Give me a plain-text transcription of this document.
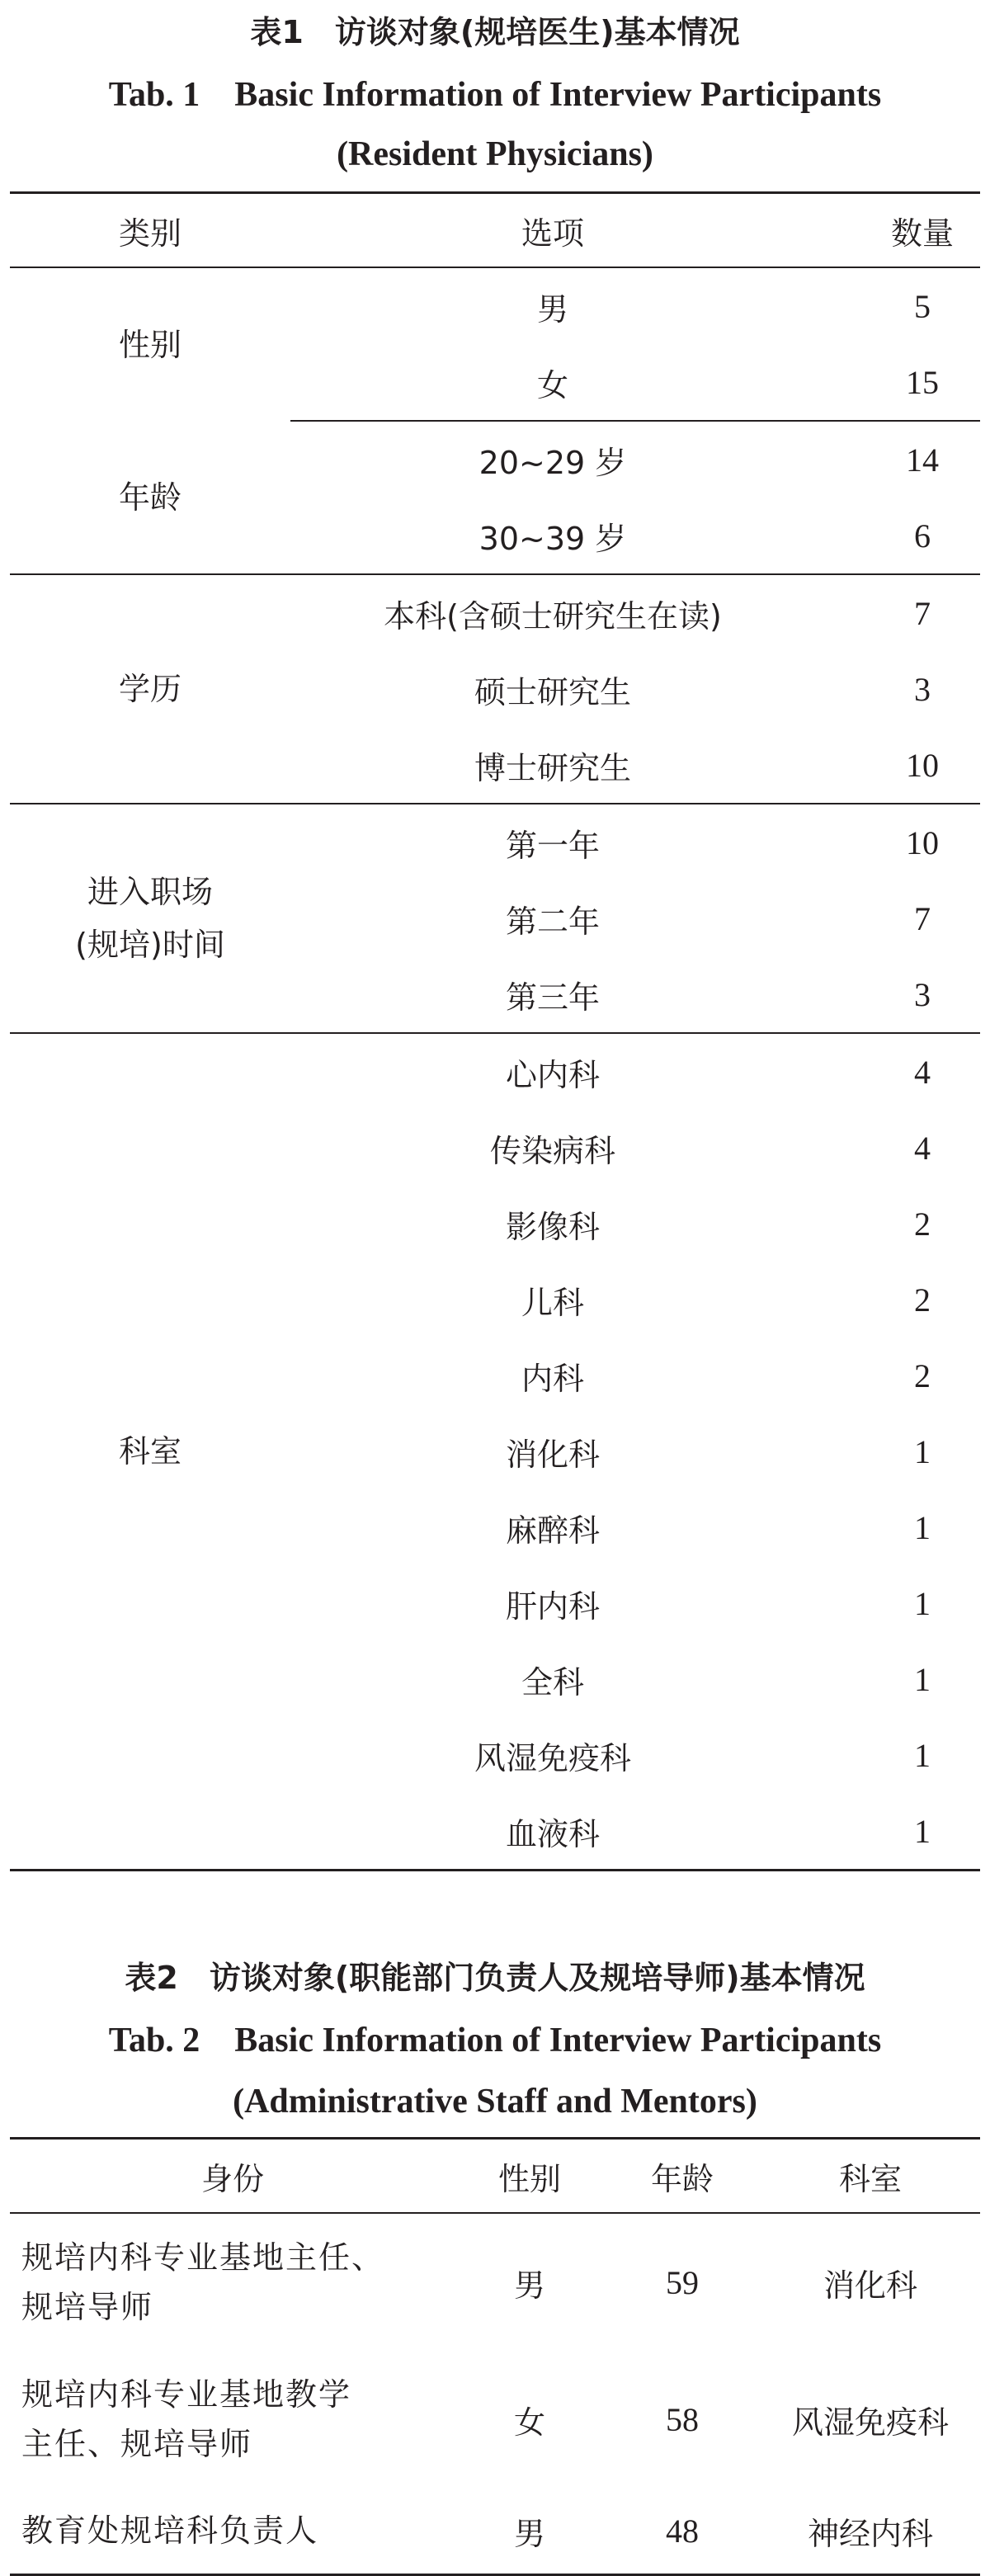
表1　访谈对象(规培医生)基本情况
Tab. 1　Basic Information of Interview Participants
(Resident Physicians)
类别	选项	数量
性别	男	5
	女	15
年龄	20~29 岁	14
	30~39 岁	6
学历	本科(含硕士研究生在读)	7
	硕士研究生	3
	博士研究生	10

进入职场
(规培)时间	第一年	10
	第二年	7
	第三年	3
科室	心内科	4
	传染病科	4
	影像科	2
	儿科	2
	内科	2
	消化科	1
	麻醉科	1
	肝内科	1
	全科	1
	风湿免疫科	1
	血液科	1
表2　访谈对象(职能部门负责人及规培导师)基本情况
Tab. 2　Basic Information of Interview Participants
(Administrative Staff and Mentors)
身份	性别	年龄	科室

规培内科专业基地主任、
规培导师	男	59	消化科

规培内科专业基地教学
主任、规培导师	女	58	风湿免疫科
教育处规培科负责人	男	48	神经内科
